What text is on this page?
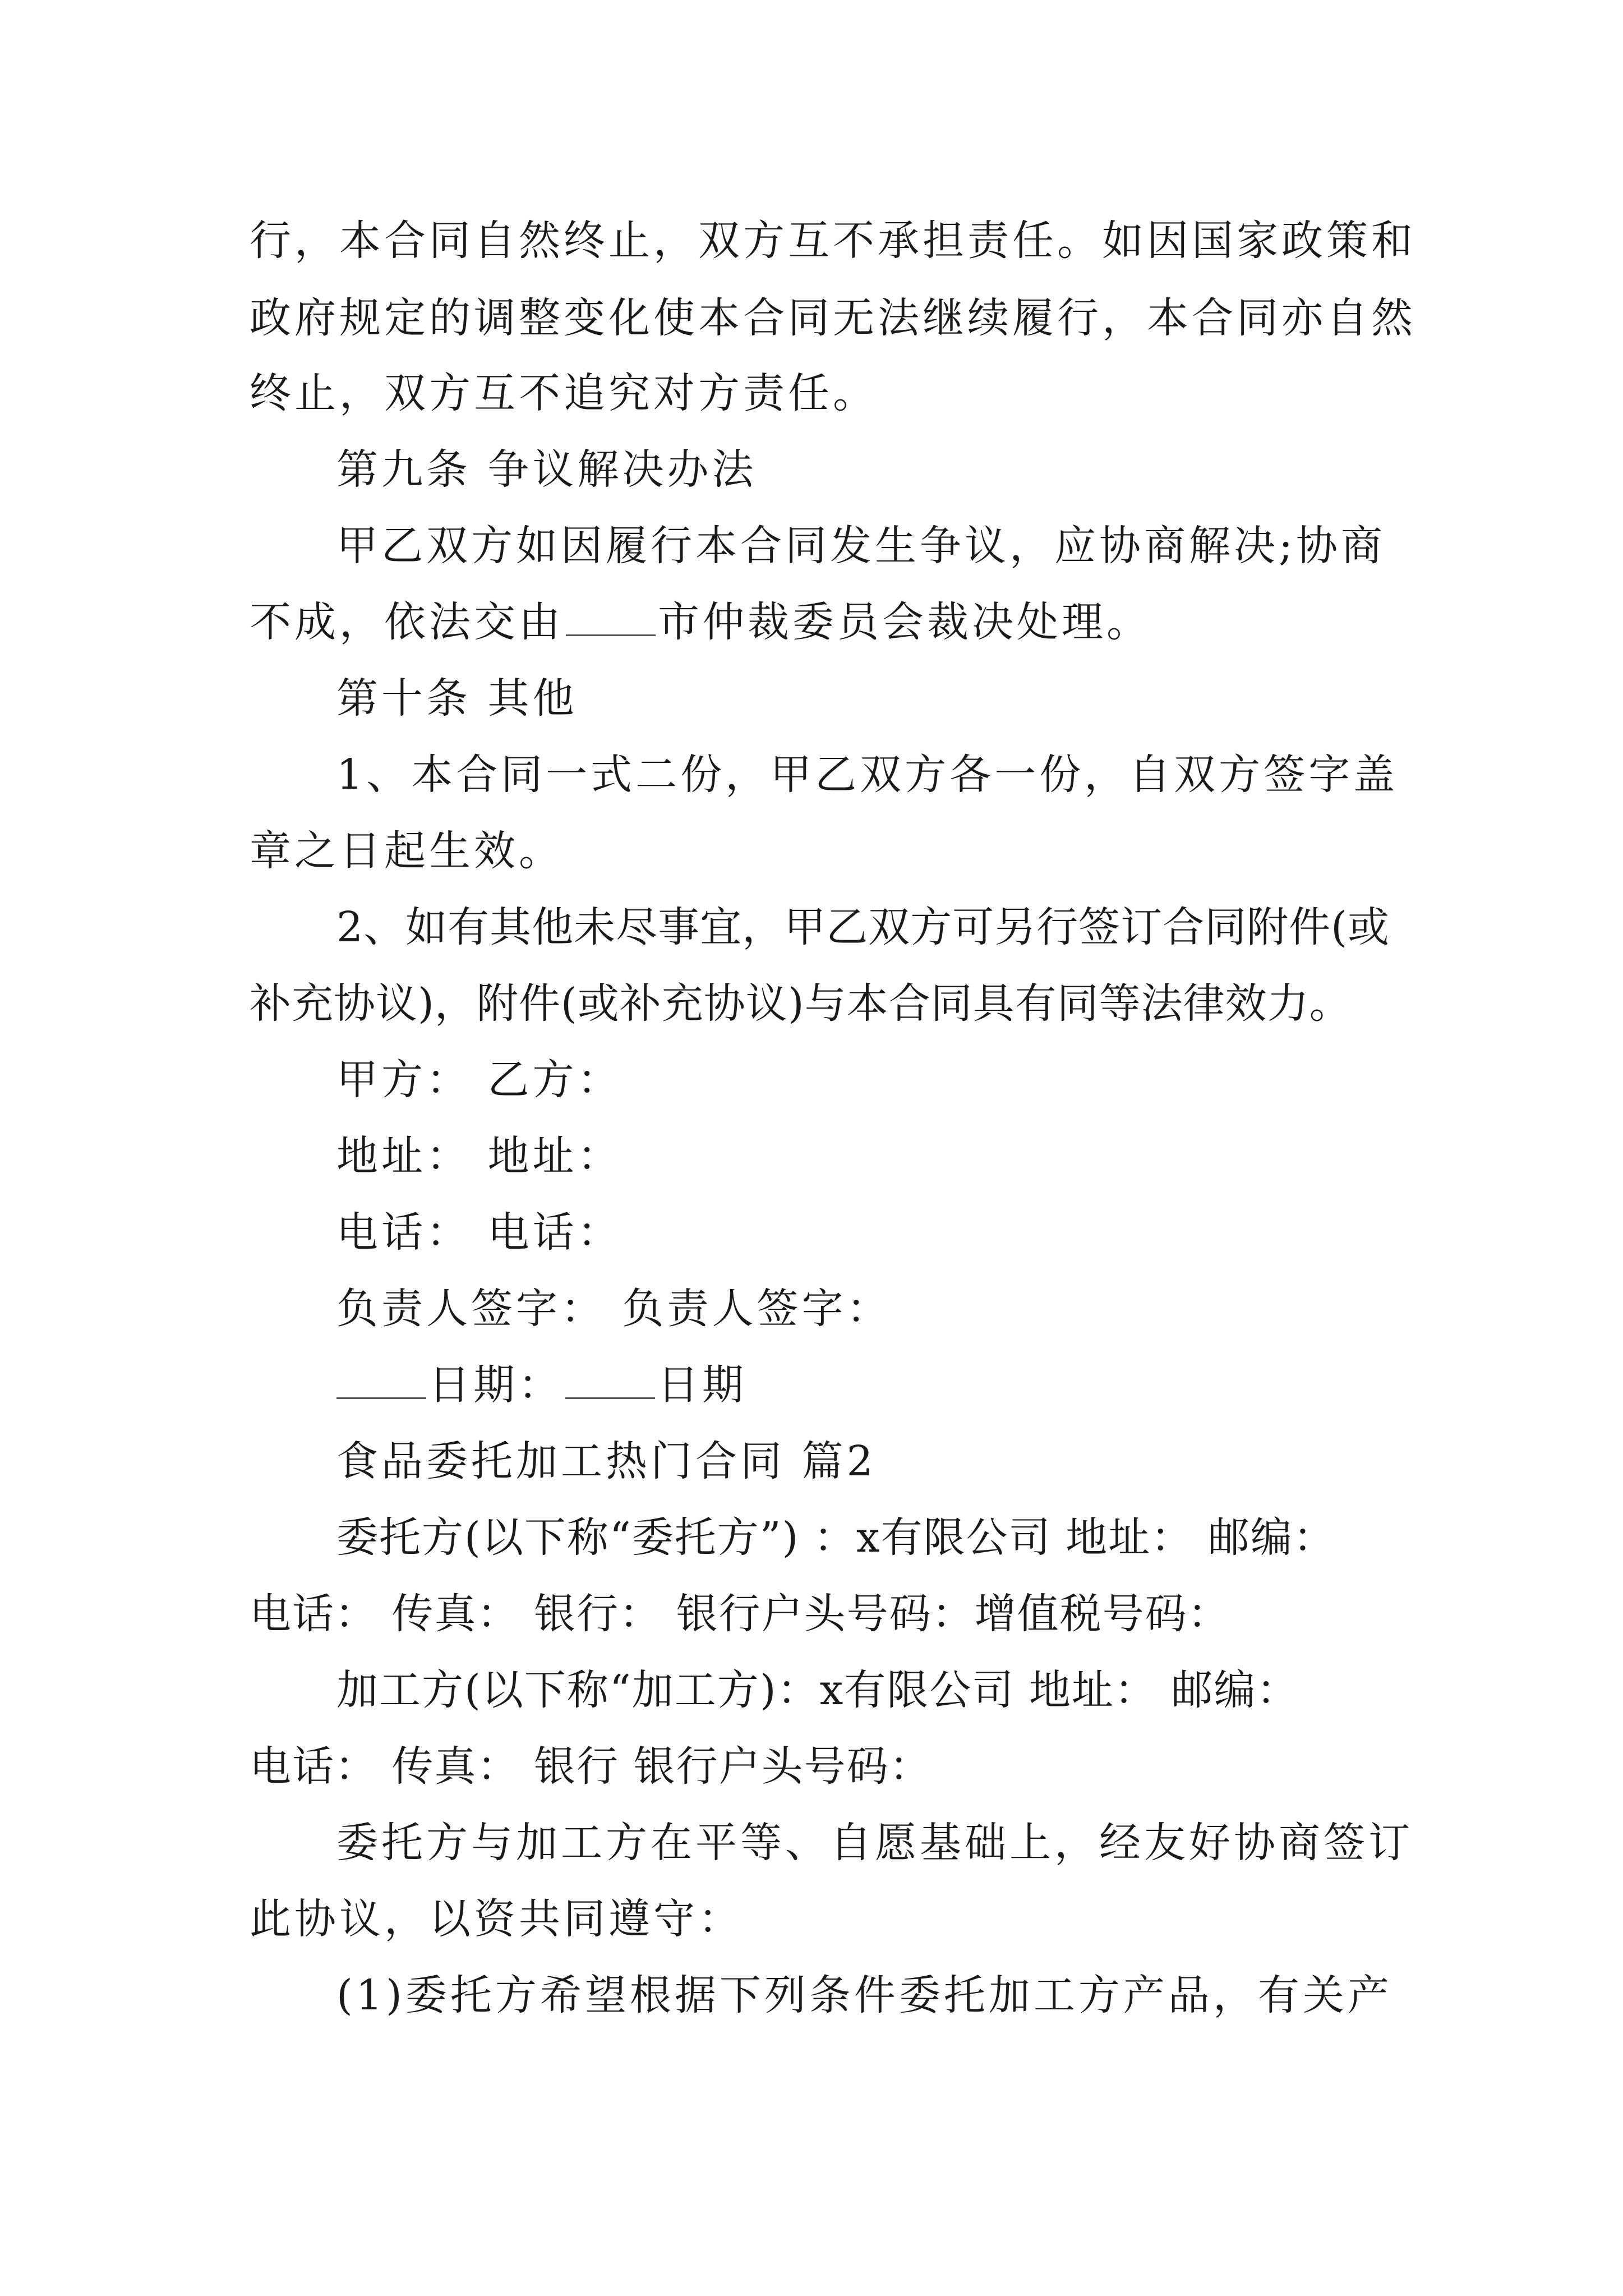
行，本合同自然终止，双方互不承担责任。如因国家政策和
政府规定的调整变化使本合同无法继续履行，本合同亦自然
终止，双方互不追究对方责任。
第九条 争议解决办法
甲乙双方如因履行本合同发生争议，应协商解决;协商
不成，依法交由 市仲裁委员会裁决处理。
第十条 其他
1、本合同一式二份，甲乙双方各一份，自双方签字盖
章之日起生效。
2、如有其他未尽事宜，甲乙双方可另行签订合同附件(或
补充协议)，附件(或补充协议)与本合同具有同等法律效力。
甲方： 乙方：
地址： 地址：
电话： 电话：
负责人签字： 负责人签字：
日期： 日期
食品委托加工热门合同 篇2
委托方(以下称“委托方”) ：x有限公司 地址： 邮编：
电话： 传真： 银行： 银行户头号码：增值税号码：
加工方(以下称“加工方)：x有限公司 地址： 邮编：
电话： 传真： 银行 银行户头号码：
委托方与加工方在平等、自愿基础上，经友好协商签订
此协议，以资共同遵守：
(1)委托方希望根据下列条件委托加工方产品，有关产
